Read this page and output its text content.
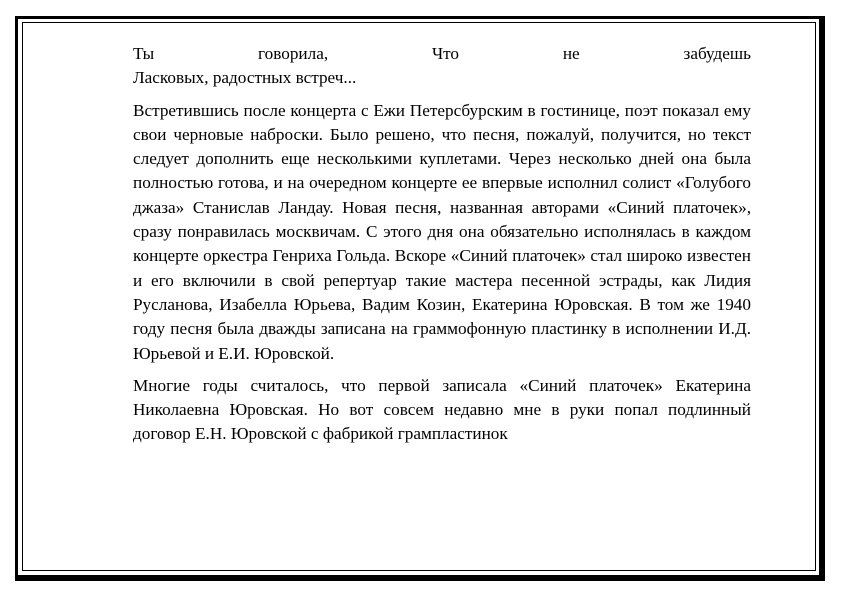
Ты говорила, Что не забудешь
Ласковых, радостных встреч...

Встретившись после концерта с Ежи Петерсбурским в гостинице, поэт показал ему свои черновые наброски. Было решено, что песня, пожалуй, получится, но текст следует дополнить еще несколькими куплетами. Через несколько дней она была полностью готова, и на очередном концерте ее впервые исполнил солист «Голубого джаза» Станислав Ландау. Новая песня, названная авторами «Синий платочек», сразу понравилась москвичам. С этого дня она обязательно исполнялась в каждом концерте оркестра Генриха Гольда. Вскоре «Синий платочек» стал широко известен и его включили в свой репертуар такие мастера песенной эстрады, как Лидия Русланова, Изабелла Юрьева, Вадим Козин, Екатерина Юровская. В том же 1940 году песня была дважды записана на граммофонную пластинку в исполнении И.Д. Юрьевой и Е.И. Юровской.

Многие годы считалось, что первой записала «Синий платочек» Екатерина Николаевна Юровская. Но вот совсем недавно мне в руки попал подлинный договор Е.Н. Юровской с фабрикой грампластинок
